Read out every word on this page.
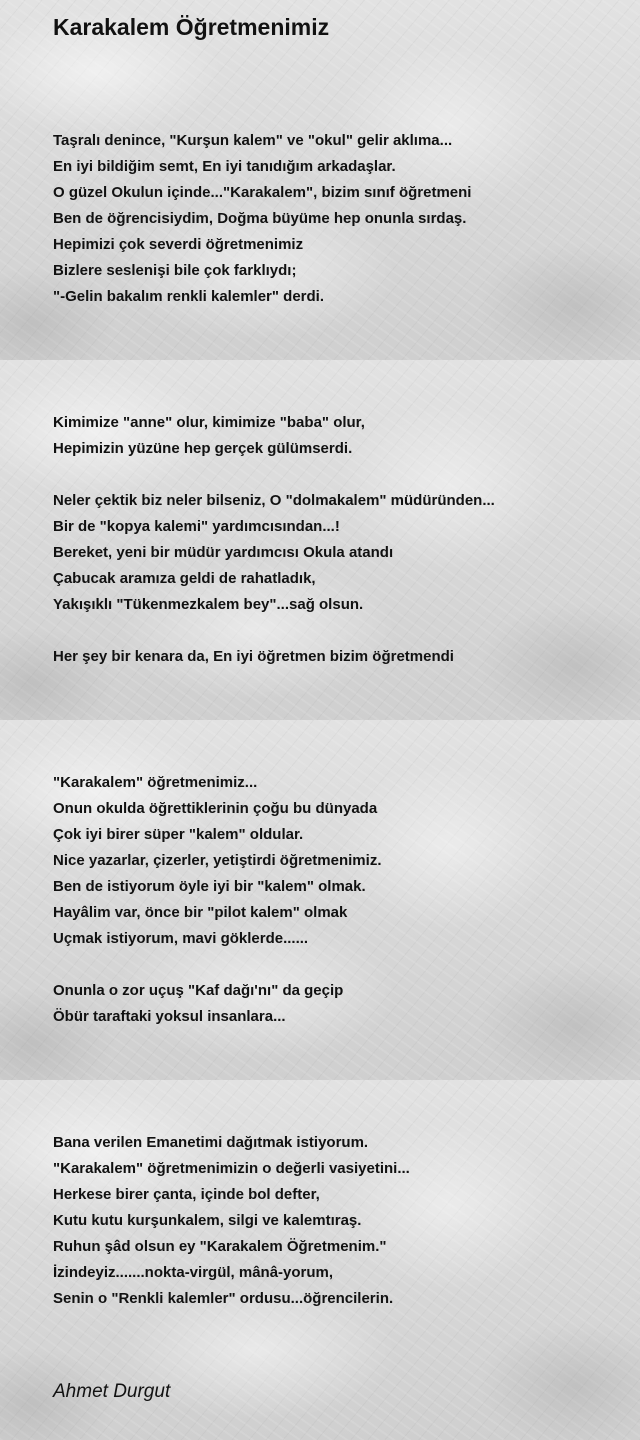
Karakalem Öğretmenimiz
Taşralı denince, "Kurşun kalem" ve "okul" gelir aklıma...
En iyi bildiğim semt, En iyi tanıdığım arkadaşlar.
O güzel Okulun içinde..."Karakalem", bizim sınıf öğretmeni
Ben de öğrencisiydim, Doğma büyüme hep onunla sırdaş.
Hepimizi çok severdi öğretmenimiz
Bizlere seslenişi bile çok farklıydı;
"-Gelin bakalım renkli kalemler" derdi.
Kimimize "anne" olur, kimimize "baba" olur,
Hepimizin yüzüne hep gerçek gülümserdi.
Neler çektik biz neler bilseniz, O "dolmakalem" müdüründen...
Bir de "kopya kalemi" yardımcısından...!
Bereket, yeni bir müdür yardımcısı Okula atandı
Çabucak aramıza geldi de rahatladık,
Yakışıklı "Tükenmezkalem bey"...sağ olsun.
Her şey bir kenara da, En iyi öğretmen bizim öğretmendi
"Karakalem" öğretmenimiz...
Onun okulda öğrettiklerinin çoğu bu dünyada
Çok iyi birer süper "kalem" oldular.
Nice yazarlar, çizerler, yetiştirdi öğretmenimiz.
Ben de istiyorum öyle iyi bir "kalem" olmak.
Hayâlim var, önce bir "pilot kalem" olmak
Uçmak istiyorum, mavi göklerde......
Onunla o zor uçuş "Kaf dağı'nı" da geçip
Öbür taraftaki yoksul insanlara...
Bana verilen Emanetimi dağıtmak istiyorum.
"Karakalem" öğretmenimizin o değerli vasiyetini...
Herkese birer çanta, içinde bol defter,
Kutu kutu kurşunkalem, silgi ve kalemtıraş.
Ruhun şâd olsun ey "Karakalem Öğretmenim."
İzindeyiz.......nokta-virgül, mânâ-yorum,
Senin o "Renkli kalemler" ordusu...öğrencilerin.

Ahmet Durgut
